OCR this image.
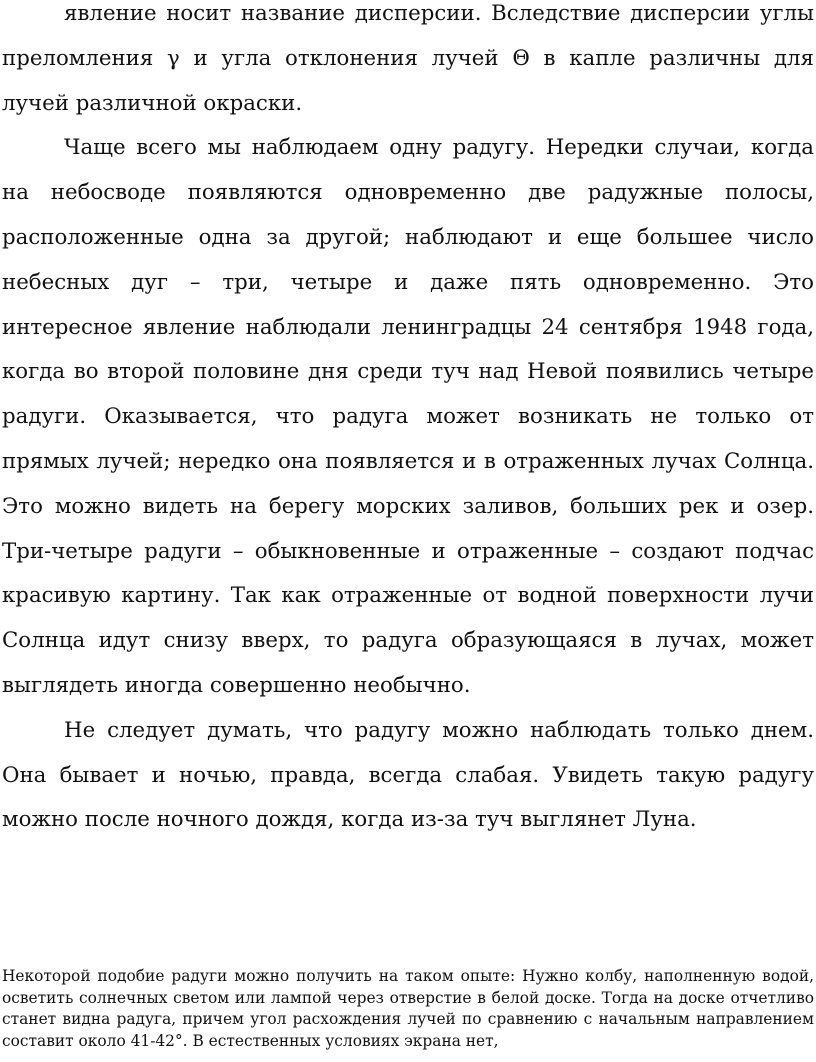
явление носит название дисперсии. Вследствие дисперсии углы преломления γ и угла отклонения лучей Θ в капле различны для лучей различной окраски.

Чаще всего мы наблюдаем одну радугу. Нередки случаи, когда на небосводе появляются одновременно две радужные полосы, расположенные одна за другой; наблюдают и еще большее число небесных дуг – три, четыре и даже пять одновременно. Это интересное явление наблюдали ленинградцы 24 сентября 1948 года, когда во второй половине дня среди туч над Невой появились четыре радуги. Оказывается, что радуга может возникать не только от прямых лучей; нередко она появляется и в отраженных лучах Солнца. Это можно видеть на берегу морских заливов, больших рек и озер. Три-четыре радуги – обыкновенные и отраженные – создают подчас красивую картину. Так как отраженные от водной поверхности лучи Солнца идут снизу вверх, то радуга образующаяся в лучах, может выглядеть иногда совершенно необычно.

Не следует думать, что радугу можно наблюдать только днем. Она бывает и ночью, правда, всегда слабая. Увидеть такую радугу можно после ночного дождя, когда из-за туч выглянет Луна.

Некоторой подобие радуги можно получить на таком опыте: Нужно колбу, наполненную водой, осветить солнечных светом или лампой через отверстие в белой доске. Тогда на доске отчетливо станет видна радуга, причем угол расхождения лучей по сравнению с начальным направлением составит около 41-42°. В естественных условиях экрана нет,
